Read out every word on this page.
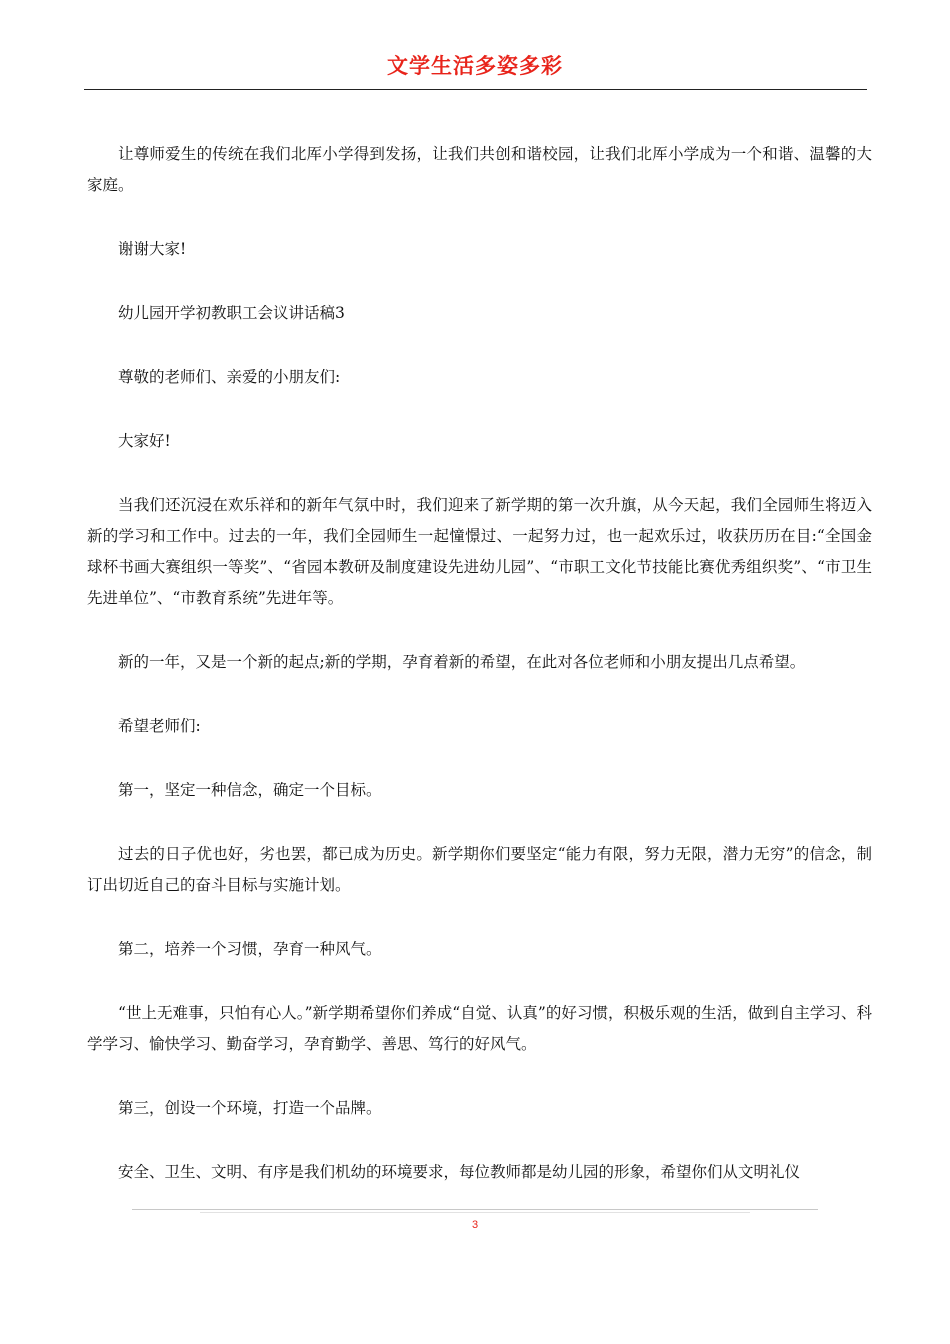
文学生活多姿多彩

让尊师爱生的传统在我们北厍小学得到发扬，让我们共创和谐校园，让我们北厍小学成为一个和谐、温馨的大家庭。

谢谢大家!

幼儿园开学初教职工会议讲话稿3

尊敬的老师们、亲爱的小朋友们:

大家好!

当我们还沉浸在欢乐祥和的新年气氛中时，我们迎来了新学期的第一次升旗，从今天起，我们全园师生将迈入新的学习和工作中。过去的一年，我们全园师生一起憧憬过、一起努力过，也一起欢乐过，收获历历在目:“全国金球杯书画大赛组织一等奖”、“省园本教研及制度建设先进幼儿园”、“市职工文化节技能比赛优秀组织奖”、“市卫生先进单位”、“市教育系统”先进年等。

新的一年，又是一个新的起点;新的学期，孕育着新的希望，在此对各位老师和小朋友提出几点希望。

希望老师们:

第一，坚定一种信念，确定一个目标。

过去的日子优也好，劣也罢，都已成为历史。新学期你们要坚定“能力有限，努力无限，潜力无穷”的信念，制订出切近自己的奋斗目标与实施计划。

第二，培养一个习惯，孕育一种风气。

“世上无难事，只怕有心人。”新学期希望你们养成“自觉、认真”的好习惯，积极乐观的生活，做到自主学习、科学学习、愉快学习、勤奋学习，孕育勤学、善思、笃行的好风气。

第三，创设一个环境，打造一个品牌。

安全、卫生、文明、有序是我们机幼的环境要求，每位教师都是幼儿园的形象，希望你们从文明礼仪

3
